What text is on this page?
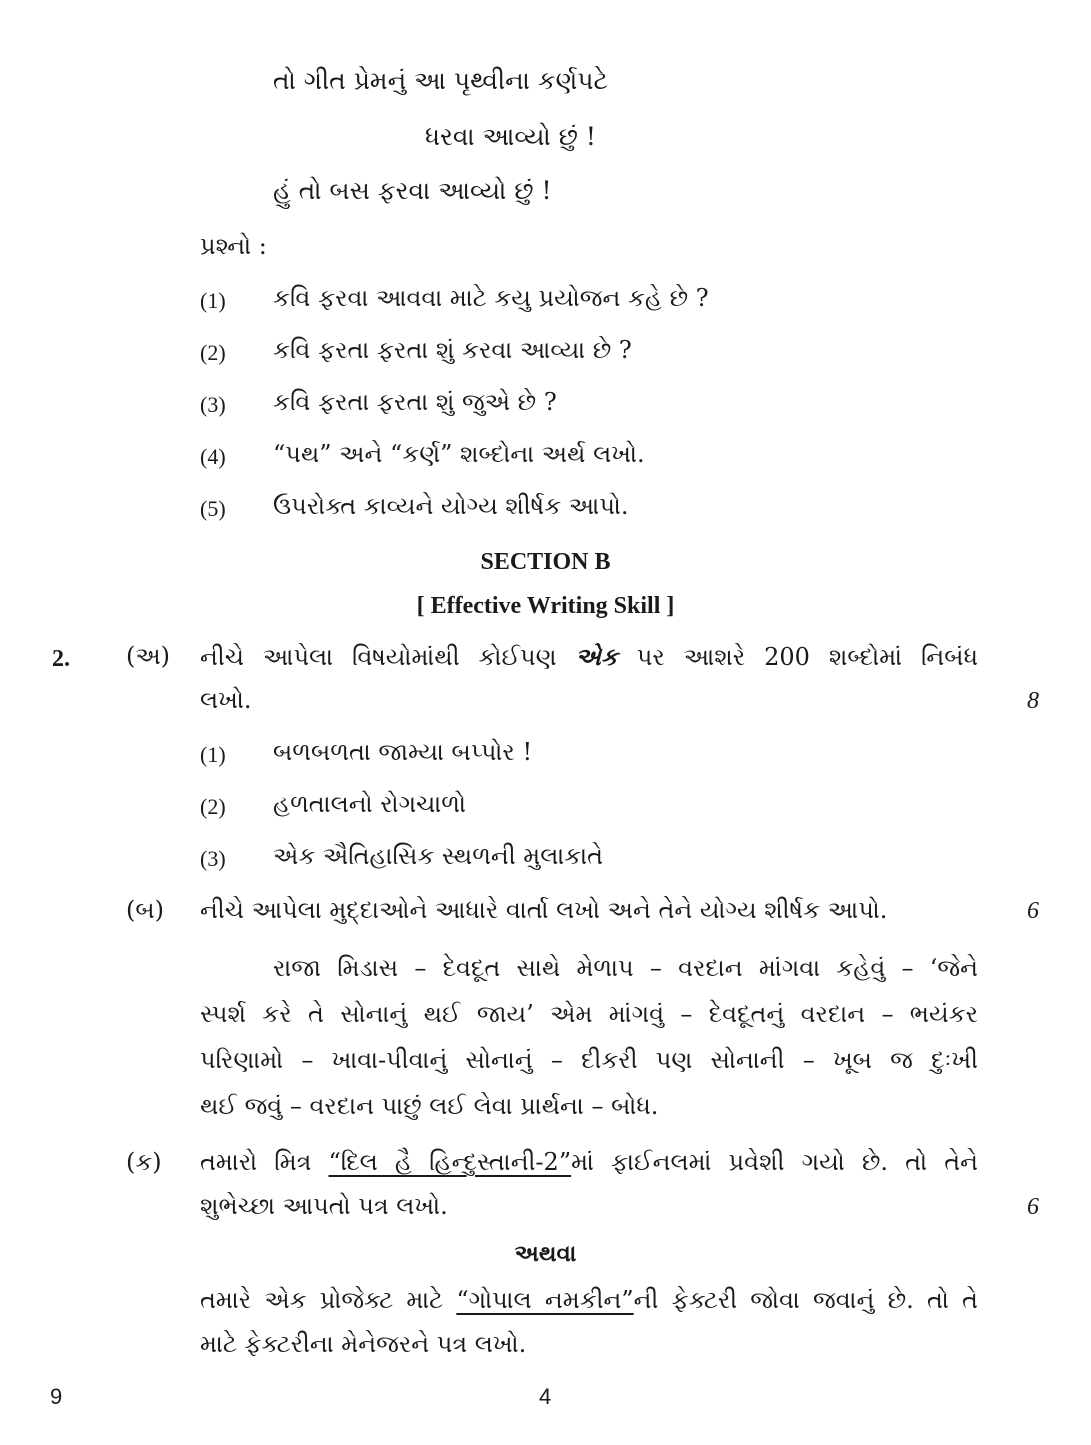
તો ગીત પ્રેમનું આ પૃથ્વીના કર્ણપટે
ધરવા આવ્યો છું !
હું તો બસ ફરવા આવ્યો છું !
પ્રશ્નો :
(1) કવિ ફરવા આવવા માટે કયુ પ્રયોજન કહે છે ?
(2) કવિ ફરતા ફરતા શું કરવા આવ્યા છે ?
(3) કવિ ફરતા ફરતા શું જુએ છે ?
(4) “પથ” અને “કર્ણ” શબ્દોના અર્થ લખો.
(5) ઉપરોક્ત કાવ્યને યોગ્ય શીર્ષક આપો.
SECTION B
[ Effective Writing Skill ]
2. (અ) નીચે આપેલા વિષયોમાંથી કોઈપણ એક પર આશરે 200 શબ્દોમાં નિબંધ
લખો.	8
(1) બળબળતા જામ્યા બપ્પોર !
(2) હળતાલનો રોગચાળો
(3) એક ઐતિહાસિક સ્થળની મુલાકાતે
(બ) નીચે આપેલા મુદ્દાઓને આધારે વાર્તા લખો અને તેને યોગ્ય શીર્ષક આપો.	6
રાજા મિડાસ – દેવદૂત સાથે મેળાપ – વરદાન માંગવા કહેવું – ‘જેને
સ્પર્શ કરે તે સોનાનું થઈ જાય’ એમ માંગવું – દેવદૂતનું વરદાન – ભયંકર
પરિણામો – ખાવા-પીવાનું સોનાનું – દીકરી પણ સોનાની – ખૂબ જ દુઃખી
થઈ જવું – વરદાન પાછું લઈ લેવા પ્રાર્થના – બોધ.
(ક) તમારો મિત્ર “દિલ હૈ હિન્દુસ્તાની-2”માં ફાઈનલમાં પ્રવેશી ગયો છે. તો તેને
શુભેચ્છા આપતો પત્ર લખો.	6
અથવા
તમારે એક પ્રોજેક્ટ માટે “ગોપાલ નમકીન”ની ફેક્ટરી જોવા જવાનું છે. તો તે
માટે ફેક્ટરીના મેનેજરને પત્ર લખો.
9	4
